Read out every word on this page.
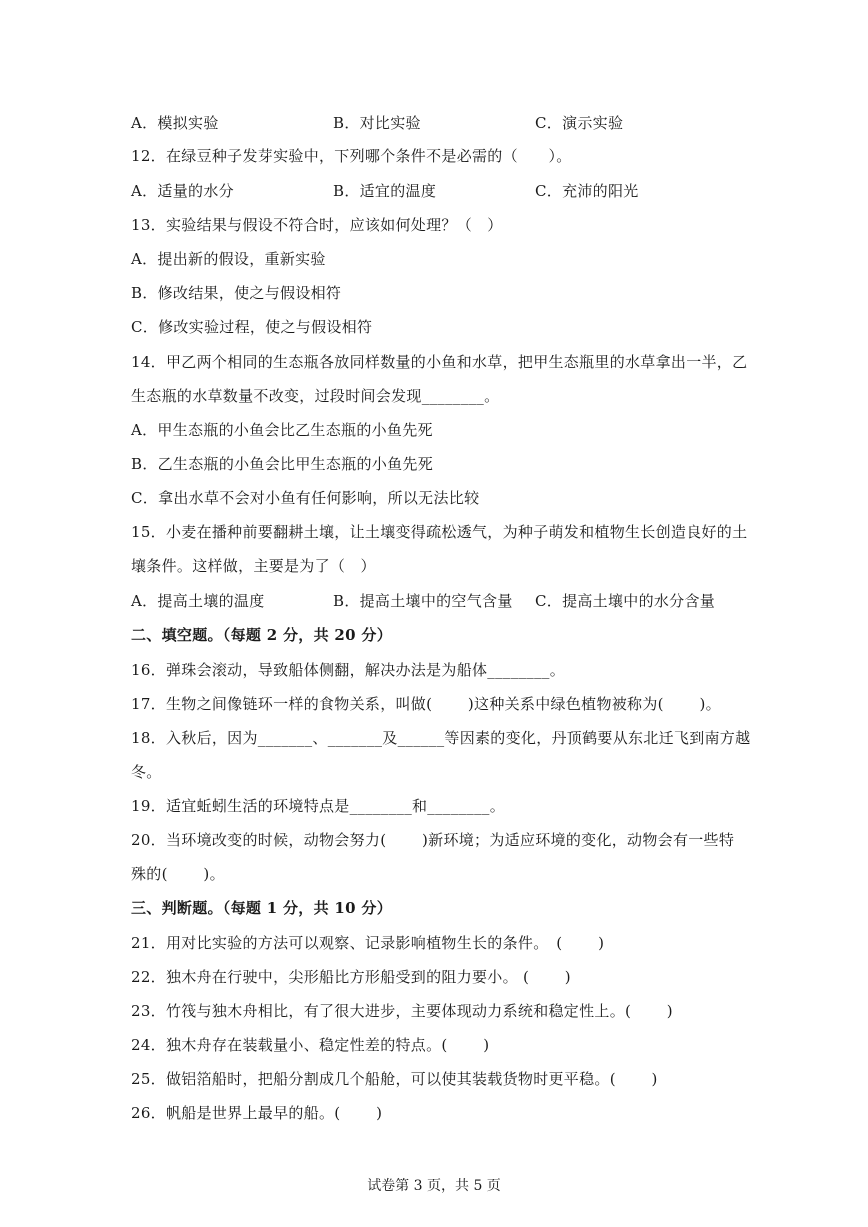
A．模拟实验	B．对比实验	C．演示实验
12．在绿豆种子发芽实验中，下列哪个条件不是必需的（　　）。
A．适量的水分	B．适宜的温度	C．充沛的阳光
13．实验结果与假设不符合时，应该如何处理？（　）
A．提出新的假设，重新实验
B．修改结果，使之与假设相符
C．修改实验过程，使之与假设相符
14．甲乙两个相同的生态瓶各放同样数量的小鱼和水草，把甲生态瓶里的水草拿出一半，乙
生态瓶的水草数量不改变，过段时间会发现________。
A．甲生态瓶的小鱼会比乙生态瓶的小鱼先死
B．乙生态瓶的小鱼会比甲生态瓶的小鱼先死
C．拿出水草不会对小鱼有任何影响，所以无法比较
15．小麦在播种前要翻耕土壤，让土壤变得疏松透气，为种子萌发和植物生长创造良好的土
壤条件。这样做，主要是为了（　）
A．提高土壤的温度	B．提高土壤中的空气含量 C．提高土壤中的水分含量
二、填空题。（每题 2 分，共 20 分）
16．弹珠会滚动，导致船体侧翻，解决办法是为船体________。
17．生物之间像链环一样的食物关系，叫做(　　 )这种关系中绿色植物被称为(　　 )。
18．入秋后，因为_______、_______及______等因素的变化，丹顶鹤要从东北迁飞到南方越
冬。
19．适宜蚯蚓生活的环境特点是________和________。
20．当环境改变的时候，动物会努力(　　 )新环境；为适应环境的变化，动物会有一些特
殊的(　　 )。
三、判断题。（每题 1 分，共 10 分）
21．用对比实验的方法可以观察、记录影响植物生长的条件。　(　　 )
22．独木舟在行驶中，尖形船比方形船受到的阻力要小。 (　　 )
23．竹筏与独木舟相比，有了很大进步，主要体现动力系统和稳定性上。(　　 )
24．独木舟存在装载量小、稳定性差的特点。(　　 )
25．做铝箔船时，把船分割成几个船舱，可以使其装载货物时更平稳。(　　 )
26．帆船是世界上最早的船。(　　 )
试卷第 3 页，共 5 页
